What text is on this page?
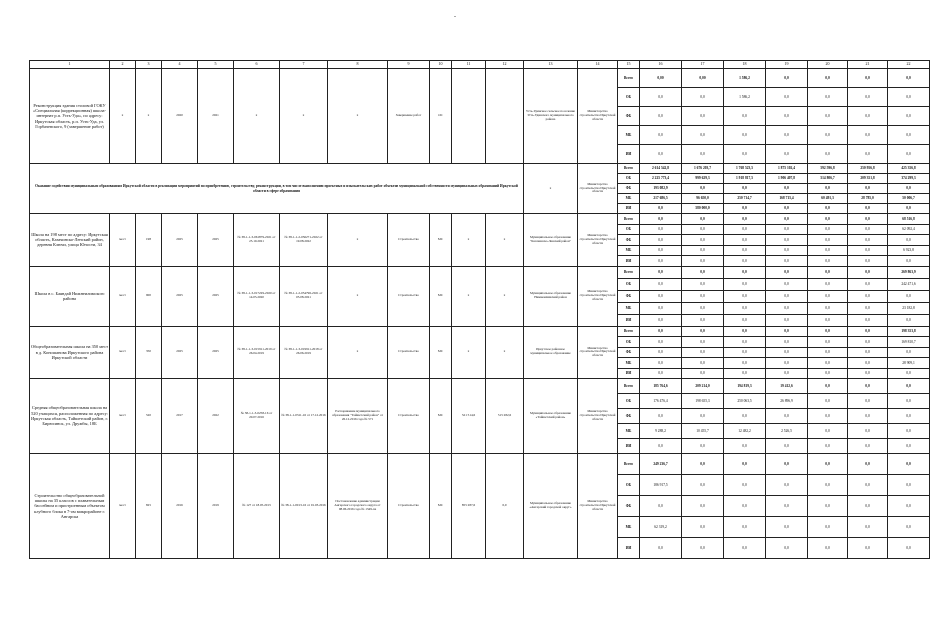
-
1	2	3	4	5	6	7	8	9	10	11	12	13	14	15	16	17	18	19	20	21	22
Реконструкция здания столовой ГОКУ «Специальная (коррекционная) школа-интернат р.п. Усть-Уда», по адресу: Иркутская область, р.п. Усть-Уда, ул. Горбачевского, 9 (завершение работ)	х	х	2020	2021	х	х	х	Завершение работ	ОС			Усть-Удинское сельское поселение Усть-Удинского муниципального района	Министерство строительства Иркутской области	Всего	0,00	0,00	1 586,2	0,0	0,0	0,0	0,0
														ОБ	0,0	0,0	1 586,2	0,0	0,0	0,0	0,0
														ФБ	0,0	0,0	0,0	0,0	0,0	0,0	0,0
														МБ	0,0	0,0	0,0	0,0	0,0	0,0	0,0
														ИИ	0,0	0,0	0,0	0,0	0,0	0,0	0,0
Оказание содействия муниципальным образованиям Иркутской области в реализации мероприятий по приобретению, строительству, реконструкции, в том числе выполнению проектных и изыскательских работ объектов муниципальной собственности муниципальных образований Иркутской области в сфере образования												х	Министерство строительства Иркутской области	Всего	2 614 542,8	1 676 203,7	1 768 523,5	1 875 102,4	592 596,8	250 956,8	425 356,8
														ОБ	2 225 773,4	999 629,3	1 918 817,5	1 906 407,8	514 806,7	209 351,8	374 299,3
														ФБ	193 082,9	0,0	0,0	0,0	0,0	0,0	0,0
														МБ	217 686,5	96 650,0	250 714,7	168 715,4	60 491,3	28 785,0	50 006,7
														ИИ	0,0	580 000,0	0,0	0,0	0,0	0,0	0,0
Школа на 198 мест по адресу: Иркутская область, Казачинско-Ленский район, деревня Ключи, улица Юности, 34	мест	198	2025	2025	№ 38-1-1-3-061879-2021 от 25.10.2021	№ 38-1-1-2-056271-2022 от 19.08.2022	х	Строительство	МС	х	х	Муниципальное образование "Казачинско-Ленский район"	Министерство строительства Иркутской области	Всего	0,0	0,0	0,0	0,0	0,0	0,0	68 516,8
														ОБ	0,0	0,0	0,0	0,0	0,0	0,0	62 092,4
														ФБ	0,0	0,0	0,0	0,0	0,0	0,0	0,0
														МБ	0,0	0,0	0,0	0,0	0,0	0,0	6 923,8
														ИИ	0,0	0,0	0,0	0,0	0,0	0,0	0,0
Школа в с. Баяндай Нижнеилимского района	мест	900	2025	2025	№ 38-1-1-3-017229-2020 от 14.05.2020	№ 38-1-1-2-054796-2021 от 05.08.2021	х	Строительство	МС	х	х	Муниципальное образование Нижнеилимский район	Министерство строительства Иркутской области	Всего	0,0	0,0	0,0	0,0	0,0	0,0	269 863,9
														ОБ	0,0	0,0	0,0	0,0	0,0	0,0	242 471,6
														ФБ	0,0	0,0	0,0	0,0	0,0	0,0	0,0
														МБ	0,0	0,0	0,0	0,0	0,0	0,0	23 182,8
														ИИ	0,0	0,0	0,0	0,0	0,0	0,0	0,0
Общеобразовательная школа на 350 мест в д. Коношанова Иркутского района Иркутской области	мест	350	2025	2025	№ 38-1-1-3-015911-2019 от 26.04.2019	№ 38-1-1-3-019911-2018 от 26.06.2019	х	Строительство	МС	х	х	Иркутское районное муниципальное образование	Министерство строительства Иркутской области	Всего	0,0	0,0	0,0	0,0	0,0	0,0	198 353,8
														ОБ	0,0	0,0	0,0	0,0	0,0	0,0	169 810,7
														ФБ	0,0	0,0	0,0	0,0	0,0	0,0	0,0
														МБ	0,0	0,0	0,0	0,0	0,0	0,0	28 909,1
														ИИ	0,0	0,0	0,0	0,0	0,0	0,0	0,0
Средняя общеобразовательная школа на 520 учащихся, расположенная по адресу: Иркутская область, Тайшетский район, г. Бирюсинск, ул. Дружбы, 18Б	мест	520	2017	2022	№ 38-1-1-3-0258-16 от 20.07.2016	№ 38-1-1-0311-16 от 17.12.2016	Распоряжение муниципального образования "Тайшетский район" от 26.12.2016 года № 571	Строительство	МС	521 514,6	515 282,6	Муниципальное образование «Тайшетский район»	Министерство строительства Иркутской области	Всего	185 764,6	209 214,0	194 819,3	19 412,6	0,0	0,0	0,0
														ОБ	176 476,4	198 655,3	250 063,5	26 896,9	0,0	0,0	0,0
														ФБ	0,0	0,0	0,0	0,0	0,0	0,0	0,0
														МБ	9 288,2	10 455,7	12 482,2	2 526,5	0,0	0,0	0,0
														ИИ	0,0	0,0	0,0	0,0	0,0	0,0	0,0
Строительство общеобразовательной школы на 35 классов с плавательным бассейном и пристроенным объектом клубного блока в 7-ом микрорайоне г. Ангарска	мест	825	2016	2019	№ 127 от 18.05.2013	№ 38-1-1-0013-16 от 01.03.2016	Постановление администрации Ангарского городского округа от 08.06.2016 года № 1349-па	Строительство	МС	855 287,6	0,0	Муниципальное образование «Ангарский городской округ»	Министерство строительства Иркутской области	Всего	249 236,7	0,0	0,0	0,0	0,0	0,0	0,0
														ОБ	186 917,5	0,0	0,0	0,0	0,0	0,0	0,0
														ФБ	0,0	0,0	0,0	0,0	0,0	0,0	0,0
														МБ	62 319,2	0,0	0,0	0,0	0,0	0,0	0,0
														ИИ	0,0	0,0	0,0	0,0	0,0	0,0	0,0
